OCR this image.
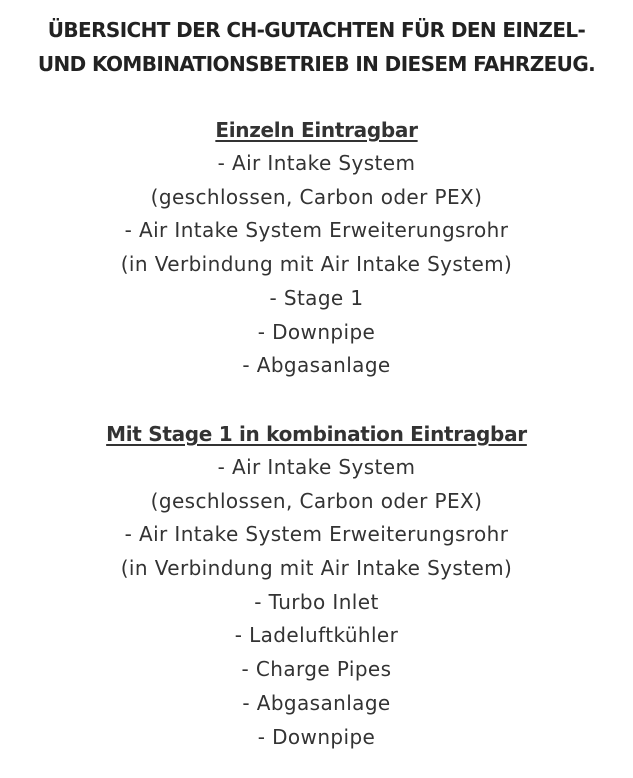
ÜBERSICHT DER CH-GUTACHTEN FÜR DEN EINZEL-
UND KOMBINATIONSBETRIEB IN DIESEM FAHRZEUG.
Einzeln Eintragbar
- Air Intake System
(geschlossen, Carbon oder PEX)
- Air Intake System Erweiterungsrohr
(in Verbindung mit Air Intake System)
- Stage 1
- Downpipe
- Abgasanlage
Mit Stage 1 in kombination Eintragbar
- Air Intake System
(geschlossen, Carbon oder PEX)
- Air Intake System Erweiterungsrohr
(in Verbindung mit Air Intake System)
- Turbo Inlet
- Ladeluftkühler
- Charge Pipes
- Abgasanlage
- Downpipe
